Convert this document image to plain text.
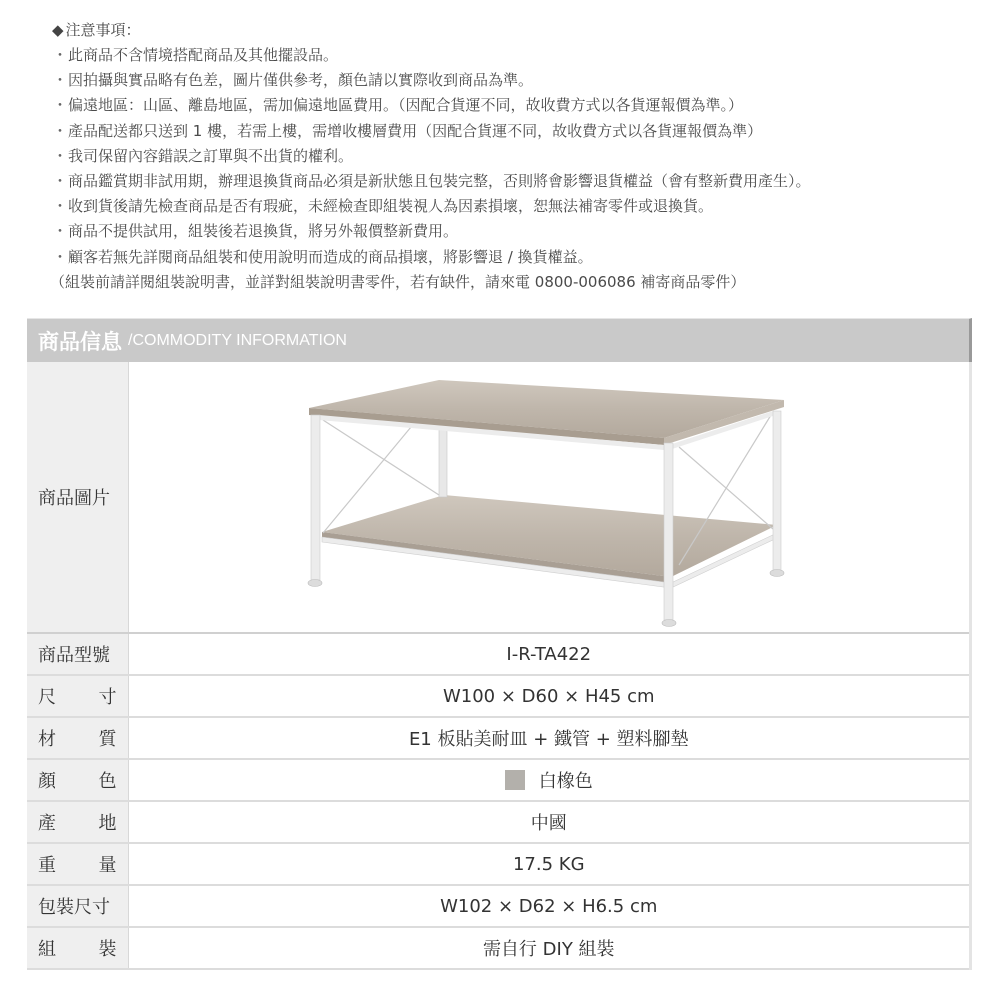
◆ 注意事項：
・此商品不含情境搭配商品及其他擺設品。
・因拍攝與實品略有色差，圖片僅供參考，顏色請以實際收到商品為準。
・偏遠地區：山區、離島地區，需加偏遠地區費用。（因配合貨運不同，故收費方式以各貨運報價為準。）
・產品配送都只送到 1 樓，若需上樓，需增收樓層費用（因配合貨運不同，故收費方式以各貨運報價為準）
・我司保留內容錯誤之訂單與不出貨的權利。
・商品鑑賞期非試用期，辦理退換貨商品必須是新狀態且包裝完整，否則將會影響退貨權益（會有整新費用產生）。
・收到貨後請先檢查商品是否有瑕疵，未經檢查即組裝視人為因素損壞，恕無法補寄零件或退換貨。
・商品不提供試用，組裝後若退換貨，將另外報價整新費用。
・顧客若無先詳閱商品組裝和使用說明而造成的商品損壞，將影響退 / 換貨權益。
（組裝前請詳閱組裝說明書，並詳對組裝說明書零件，若有缺件，請來電 0800-006086 補寄商品零件）
商品信息 /COMMODITY INFORMATION
商品圖片	

商品型號	I-R-TA422

尺 寸	W100 × D60 × H45 cm

材 質	E1 板貼美耐皿 + 鐵管 + 塑料腳墊

顏 色	白橡色

產 地	中國

重 量	17.5 KG
包裝尺寸	W102 × D62 × H6.5 cm

組 裝	需自行 DIY 組裝
